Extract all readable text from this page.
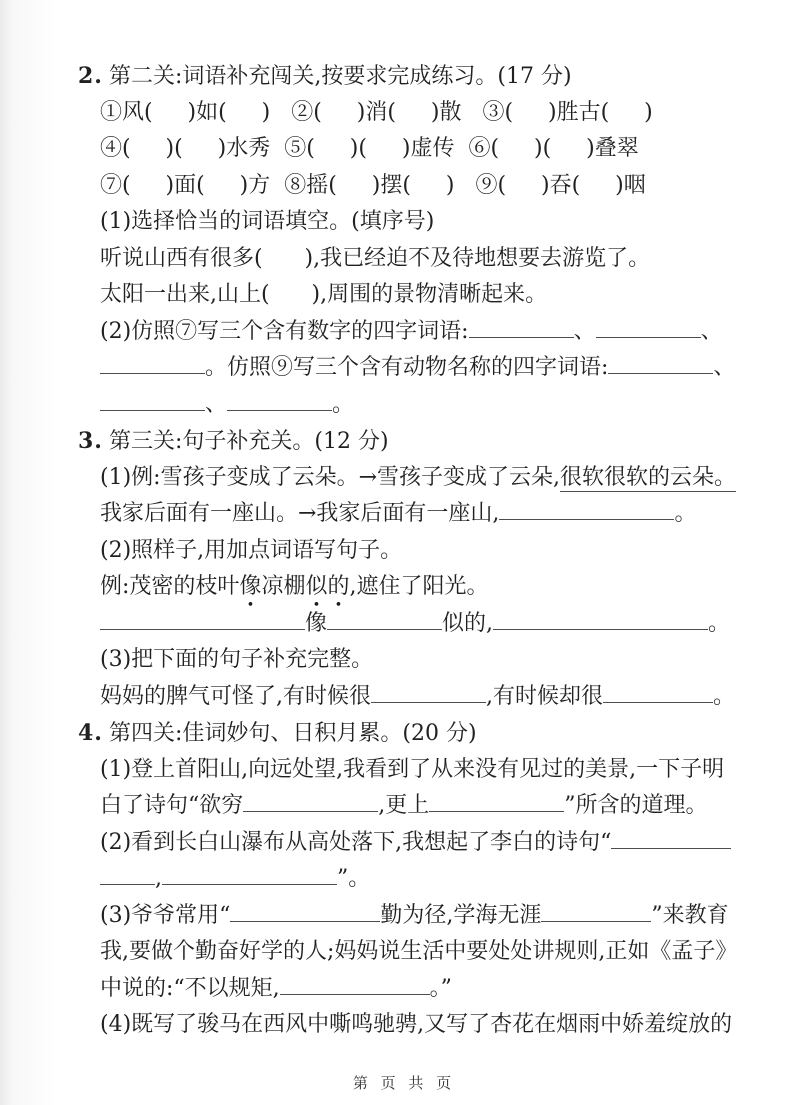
2. 第二关:词语补充闯关,按要求完成练习。(17 分)
①风(     )如(     )   ②(     )消(     )散   ③(     )胜古(     )
④(     )(     )水秀  ⑤(     )(     )虚传  ⑥(     )(     )叠翠
⑦(     )面(     )方  ⑧摇(     )摆(     )   ⑨(     )吞(     )咽
(1)选择恰当的词语填空。(填序号)
听说山西有很多(      ),我已经迫不及待地想要去游览了。
太阳一出来,山上(      ),周围的景物清晰起来。
(2)仿照⑦写三个含有数字的四字词语:	、	、
。仿照⑨写三个含有动物名称的四字词语:	、
、	。
3. 第三关:句子补充关。(12 分)
(1)例:雪孩子变成了云朵。→雪孩子变成了云朵,很软很软的云朵。
我家后面有一座山。→我家后面有一座山,	。
(2)照样子,用加点词语写句子。
例:茂密的枝叶像凉棚似的,遮住了阳光。
像	似的,	。
(3)把下面的句子补充完整。
妈妈的脾气可怪了,有时候很	,有时候却很	。
4. 第四关:佳词妙句、日积月累。(20 分)
(1)登上首阳山,向远处望,我看到了从来没有见过的美景,一下子明
白了诗句“欲穷	,更上	”所含的道理。
(2)看到长白山瀑布从高处落下,我想起了李白的诗句“
,	”。
(3)爷爷常用“	勤为径,学海无涯	”来教育
我,要做个勤奋好学的人;妈妈说生活中要处处讲规则,正如《孟子》
中说的:“不以规矩,	。”
(4)既写了骏马在西风中嘶鸣驰骋,又写了杏花在烟雨中娇羞绽放的
第 页 共 页
